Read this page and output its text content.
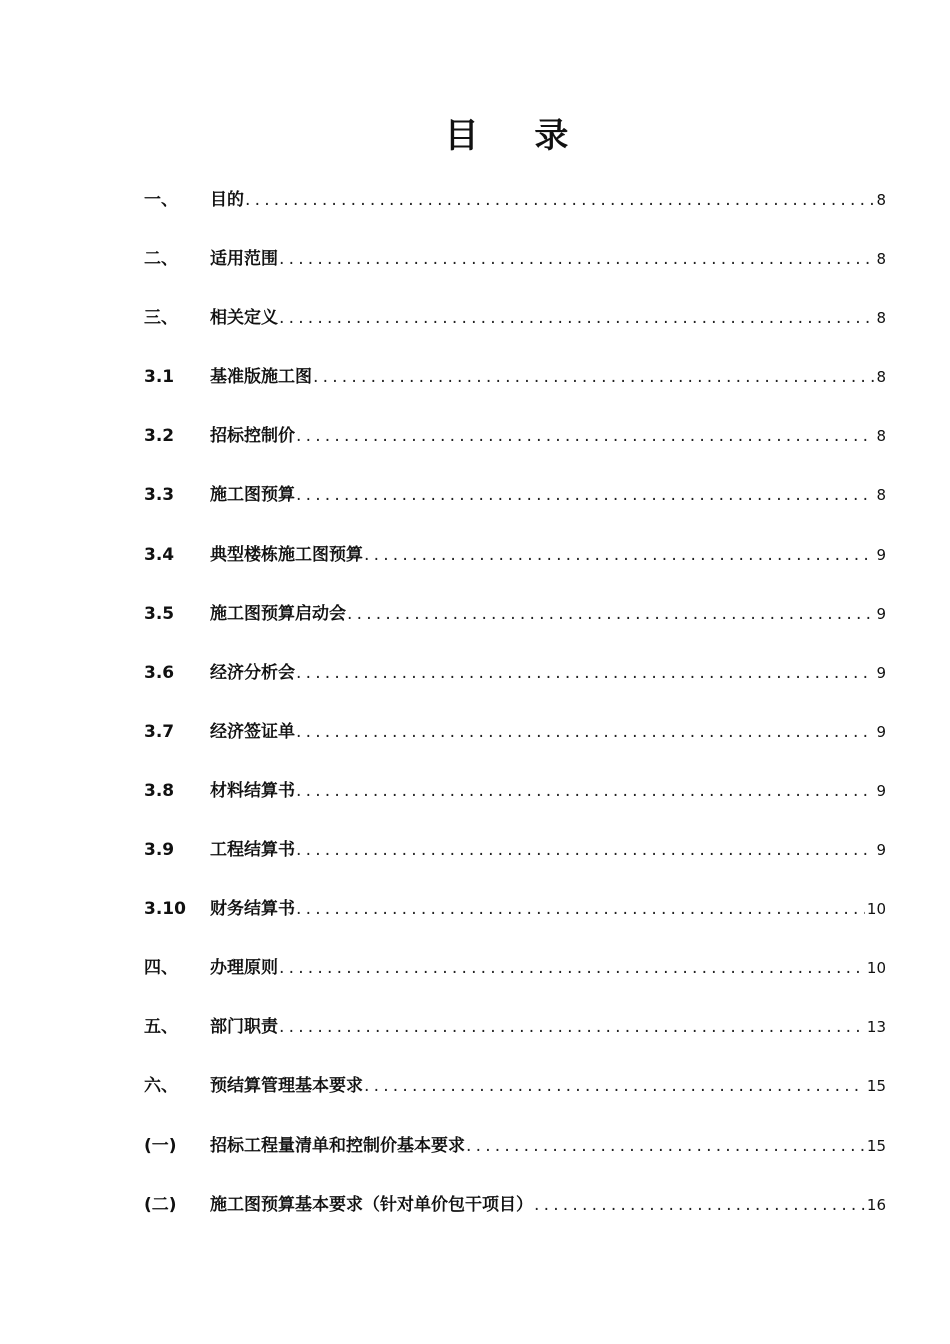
目 录
一、	目的 .....	8
二、	适用范围 .....	8
三、	相关定义 .....	8
3.1	基准版施工图 .....	8
3.2	招标控制价 .....	8
3.3	施工图预算 .....	8
3.4	典型楼栋施工图预算 .....	9
3.5	施工图预算启动会 .....	9
3.6	经济分析会 .....	9
3.7	经济签证单 .....	9
3.8	材料结算书 .....	9
3.9	工程结算书 .....	9
3.10	财务结算书 .....	10
四、	办理原则 .....	10
五、	部门职责 .....	13
六、	预结算管理基本要求 .....	15
(一)	招标工程量清单和控制价基本要求 .....	15
(二)	施工图预算基本要求（针对单价包干项目） .....	16
